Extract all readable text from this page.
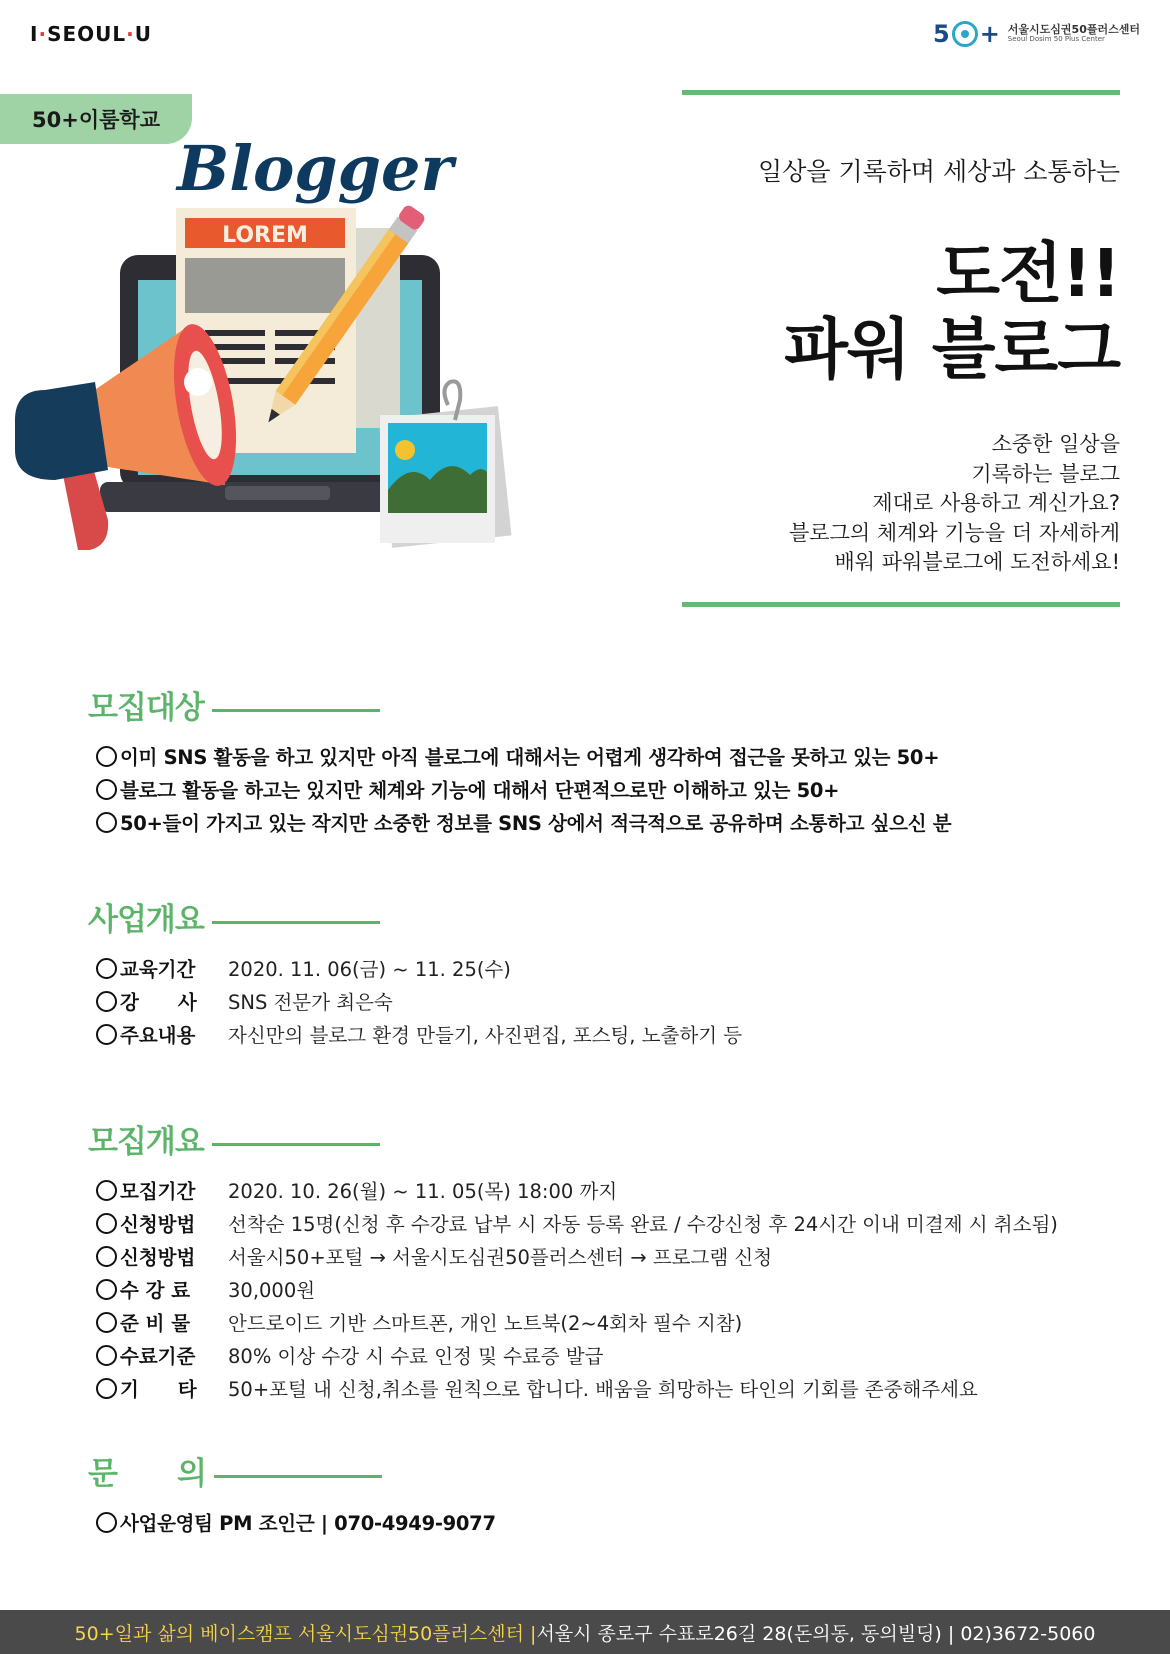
I·SEOUL·U	5 + 서울시도심권50플러스센터
Seoul Dosim 50 Plus Center
50+이룸학교
Blogger
LOREM
일상을 기록하며 세상과 소통하는
도전!!
파워 블로그
소중한 일상을
기록하는 블로그
제대로 사용하고 계신가요?
블로그의 체계와 기능을 더 자세하게
배워 파워블로그에 도전하세요!
모집대상
이미 SNS 활동을 하고 있지만 아직 블로그에 대해서는 어렵게 생각하여 접근을 못하고 있는 50+
블로그 활동을 하고는 있지만 체계와 기능에 대해서 단편적으로만 이해하고 있는 50+
50+들이 가지고 있는 작지만 소중한 정보를 SNS 상에서 적극적으로 공유하며 소통하고 싶으신 분
사업개요
교육기간	2020. 11. 06(금) ~ 11. 25(수)
강　　사	SNS 전문가 최은숙
주요내용	자신만의 블로그 환경 만들기, 사진편집, 포스팅, 노출하기 등
모집개요
모집기간	2020. 10. 26(월) ~ 11. 05(목) 18:00 까지
신청방법	선착순 15명(신청 후 수강료 납부 시 자동 등록 완료 / 수강신청 후 24시간 이내 미결제 시 취소됨)
신청방법	서울시50+포털 → 서울시도심권50플러스센터 → 프로그램 신청
수 강 료	30,000원
준 비 물	안드로이드 기반 스마트폰, 개인 노트북(2~4회차 필수 지참)
수료기준	80% 이상 수강 시 수료 인정 및 수료증 발급
기　　타	50+포털 내 신청,취소를 원칙으로 합니다. 배움을 희망하는 타인의 기회를 존중해주세요
문　　의
사업운영팀 PM 조인근 | 070-4949-9077
50+일과 삶의 베이스캠프 서울시도심권50플러스센터 | 서울시 종로구 수표로26길 28(돈의동, 동의빌딩) | 02)3672-5060
